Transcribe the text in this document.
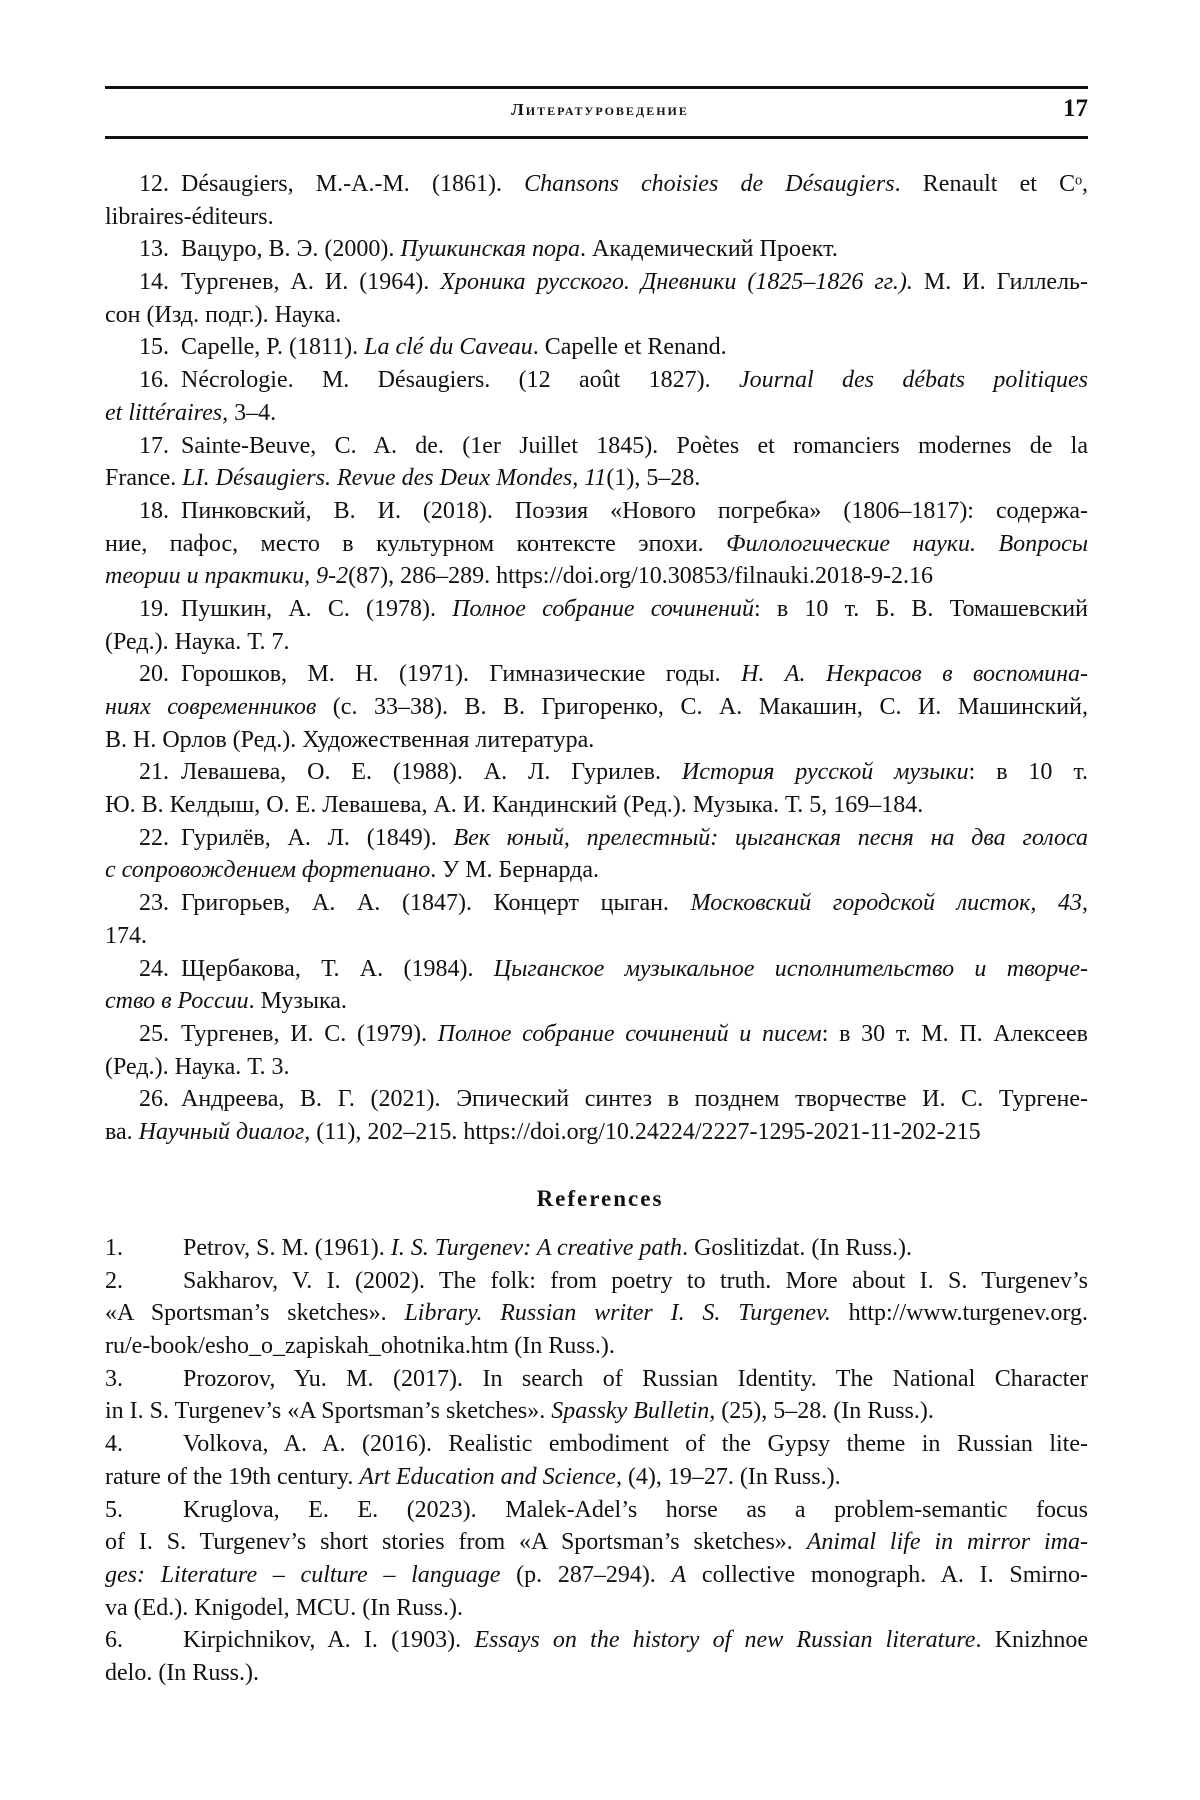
Литературоведение	17
12. Désaugiers, M.-A.-M. (1861). Chansons choisies de Désaugiers. Renault et Cᵒ,
libraires-éditeurs.
13. Вацуро, В. Э. (2000). Пушкинская пора. Академический Проект.
14. Тургенев, А. И. (1964). Хроника русского. Дневники (1825–1826 гг.). М. И. Гиллель-
сон (Изд. подг.). Наука.
15. Capelle, P. (1811). La clé du Caveau. Capelle et Renand.
16. Nécrologie. M. Désaugiers. (12 août 1827). Journal des débats politiques
et littéraires, 3–4.
17. Sainte-Beuve, C. A. de. (1er Juillet 1845). Poètes et romanciers modernes de la
France. LI. Désaugiers. Revue des Deux Mondes, 11(1), 5–28.
18. Пинковский, В. И. (2018). Поэзия «Нового погребка» (1806–1817): содержа-
ние, пафос, место в культурном контексте эпохи. Филологические науки. Вопросы
теории и практики, 9-2(87), 286–289. https://doi.org/10.30853/filnauki.2018-9-2.16
19. Пушкин, А. С. (1978). Полное собрание сочинений: в 10 т. Б. В. Томашевский
(Ред.). Наука. Т. 7.
20. Горошков, М. Н. (1971). Гимназические годы. Н. А. Некрасов в воспомина-
ниях современников (с. 33–38). В. В. Григоренко, С. А. Макашин, С. И. Машинский,
В. Н. Орлов (Ред.). Художественная литература.
21. Левашева, О. Е. (1988). А. Л. Гурилев. История русской музыки: в 10 т.
Ю. В. Келдыш, О. Е. Левашева, А. И. Кандинский (Ред.). Музыка. Т. 5, 169–184.
22. Гурилёв, А. Л. (1849). Век юный, прелестный: цыганская песня на два голоса
с сопровождением фортепиано. У М. Бернарда.
23. Григорьев, А. А. (1847). Концерт цыган. Московский городской листок, 43,
174.
24. Щербакова, Т. А. (1984). Цыганское музыкальное исполнительство и творче-
ство в России. Музыка.
25. Тургенев, И. С. (1979). Полное собрание сочинений и писем: в 30 т. М. П. Алексеев
(Ред.). Наука. Т. 3.
26. Андреева, В. Г. (2021). Эпический синтез в позднем творчестве И. С. Тургене-
ва. Научный диалог, (11), 202–215. https://doi.org/10.24224/2227-1295-2021-11-202-215
References
1.	Petrov, S. M. (1961). I. S. Turgenev: A creative path. Goslitizdat. (In Russ.).
2.	Sakharov, V. I. (2002). The folk: from poetry to truth. More about I. S. Turgenev’s
«A Sportsman’s sketches». Library. Russian writer I. S. Turgenev. http://www.turgenev.org.
ru/e-book/esho_o_zapiskah_ohotnika.htm (In Russ.).
3.	Prozorov, Yu. M. (2017). In search of Russian Identity. The National Character
in I. S. Turgenev’s «A Sportsman’s sketches». Spassky Bulletin, (25), 5–28. (In Russ.).
4.	Volkova, A. A. (2016). Realistic embodiment of the Gypsy theme in Russian lite-
rature of the 19th century. Art Education and Science, (4), 19–27. (In Russ.).
5.	Kruglova, E. E. (2023). Malek-Adel’s horse as a problem-semantic focus
of I. S. Turgenev’s short stories from «A Sportsman’s sketches». Animal life in mirror ima-
ges: Literature – culture – language (p. 287–294). A collective monograph. A. I. Smirno-
va (Ed.). Knigodel, MCU. (In Russ.).
6.	Kirpichnikov, A. I. (1903). Essays on the history of new Russian literature. Knizhnoe
delo. (In Russ.).
